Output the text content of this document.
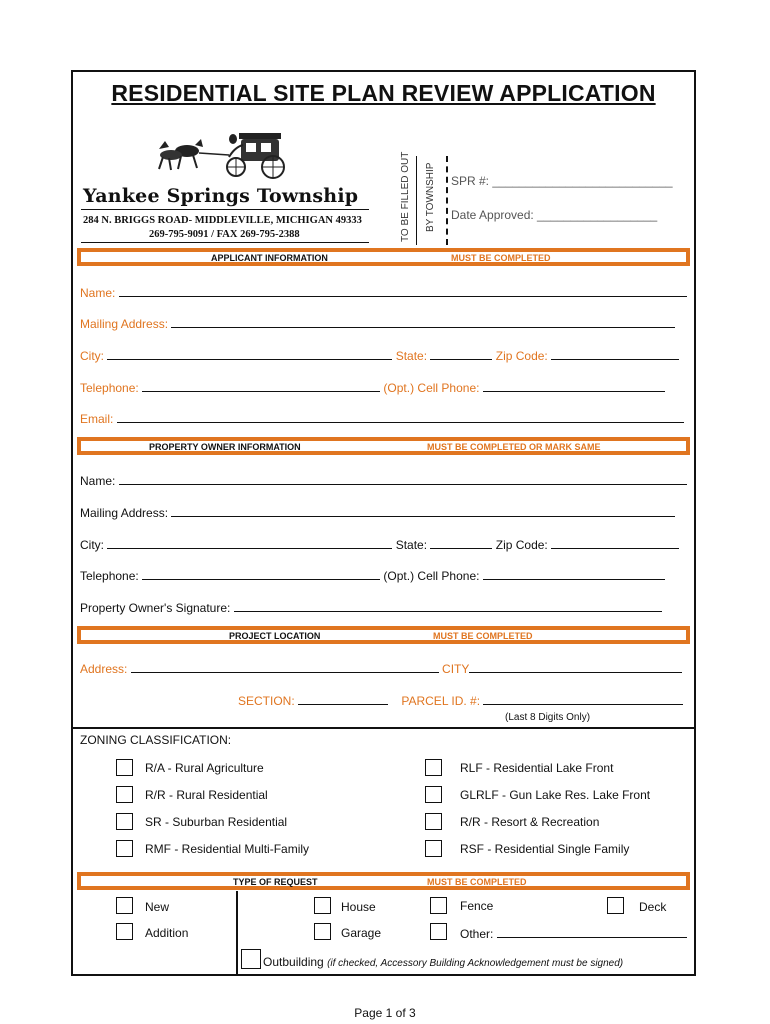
RESIDENTIAL SITE PLAN REVIEW APPLICATION
Yankee Springs Township
284 N. BRIGGS ROAD- MIDDLEVILLE, MICHIGAN 49333
269-795-9091 / FAX 269-795-2388	TO BE FILLED OUT BY TOWNSHIP SPR #: ___________________________
Date Approved: __________________
APPLICANT INFORMATION	MUST BE COMPLETED
Name:
Mailing Address:
City:	State:	Zip Code:
Telephone:	(Opt.) Cell Phone:
Email:
PROPERTY OWNER INFORMATION	MUST BE COMPLETED OR MARK SAME
Name:
Mailing Address:
City:	State:	Zip Code:
Telephone:	(Opt.) Cell Phone:
Property Owner's Signature:
PROJECT LOCATION	MUST BE COMPLETED
Address:	CITY
SECTION:	PARCEL ID. #:
(Last 8 Digits Only)
ZONING CLASSIFICATION:
R/A - Rural Agriculture
R/R - Rural Residential
SR - Suburban Residential
RMF - Residential Multi-Family
RLF - Residential Lake Front
GLRLF - Gun Lake Res. Lake Front
R/R - Resort & Recreation
RSF - Residential Single Family
TYPE OF REQUEST	MUST BE COMPLETED
New
Addition
House
Garage
Fence
Other:
Deck
Outbuilding (if checked, Accessory Building Acknowledgement must be signed)
Page 1 of 3
